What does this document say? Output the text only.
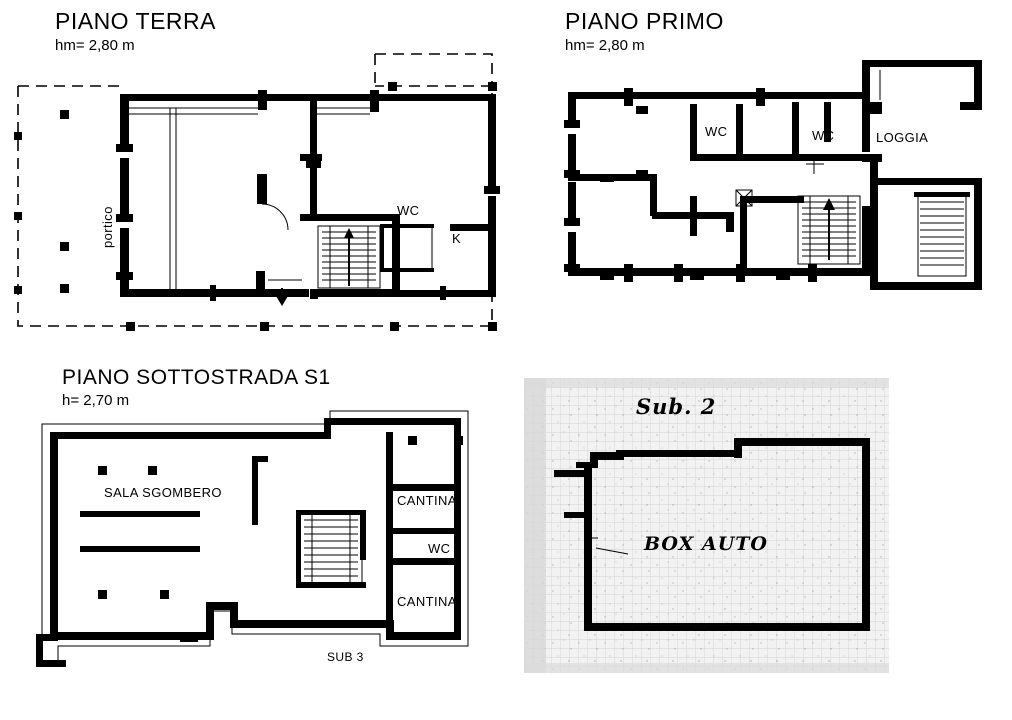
PIANO TERRA
hm= 2,80 m
portico	WC
K
PIANO PRIMO
hm= 2,80 m
WC	WC	LOGGIA
PIANO SOTTOSTRADA S1
h= 2,70 m
SALA SGOMBERO
CANTINA
WC
CANTINA
SUB 3
Sub. 2
BOX AUTO
